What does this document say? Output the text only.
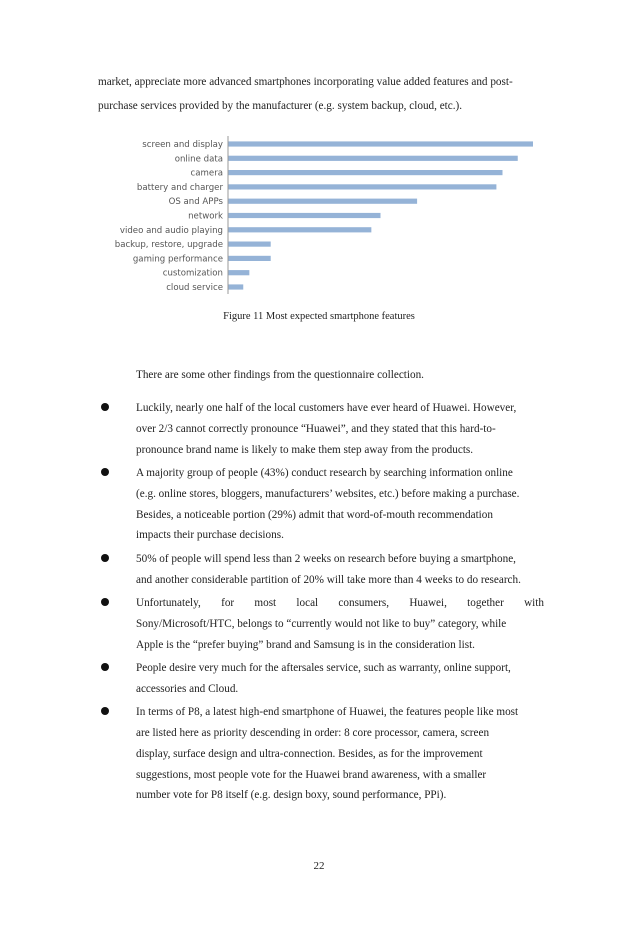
market, appreciate more advanced smartphones incorporating value added features and post-
purchase services provided by the manufacturer (e.g. system backup, cloud, etc.).

screen and display
online data
camera
battery and charger
OS and APPs
network
video and audio playing
backup, restore, upgrade
gaming performance
customization
cloud service

Figure 11 Most expected smartphone features

There are some other findings from the questionnaire collection.

Luckily, nearly one half of the local customers have ever heard of Huawei. However,
over 2/3 cannot correctly pronounce “Huawei”, and they stated that this hard-to-
pronounce brand name is likely to make them step away from the products.
A majority group of people (43%) conduct research by searching information online
(e.g. online stores, bloggers, manufacturers’ websites, etc.) before making a purchase.
Besides, a noticeable portion (29%) admit that word-of-mouth recommendation
impacts their purchase decisions.
50% of people will spend less than 2 weeks on research before buying a smartphone,
and another considerable partition of 20% will take more than 4 weeks to do research.
Unfortunately, for most local consumers, Huawei, together with
Sony/Microsoft/HTC, belongs to “currently would not like to buy” category, while
Apple is the “prefer buying” brand and Samsung is in the consideration list.
People desire very much for the aftersales service, such as warranty, online support,
accessories and Cloud.
In terms of P8, a latest high-end smartphone of Huawei, the features people like most
are listed here as priority descending in order: 8 core processor, camera, screen
display, surface design and ultra-connection. Besides, as for the improvement
suggestions, most people vote for the Huawei brand awareness, with a smaller
number vote for P8 itself (e.g. design boxy, sound performance, PPi).

22
